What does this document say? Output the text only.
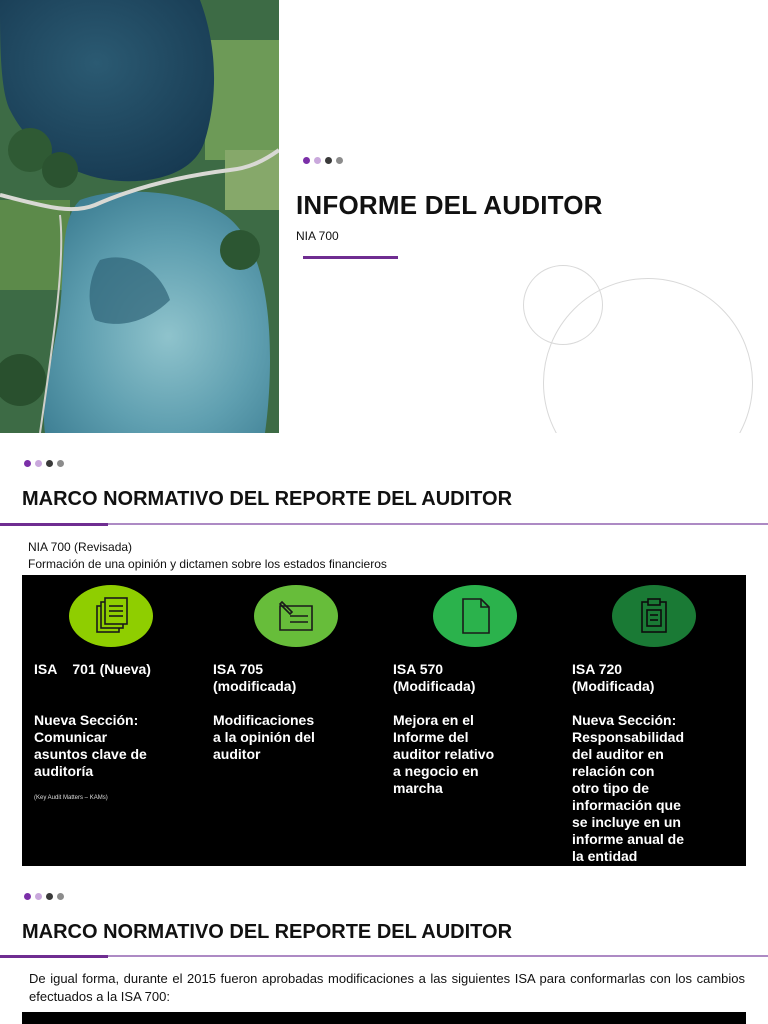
INFORME DEL AUDITOR
NIA 700
MARCO NORMATIVO DEL REPORTE DEL AUDITOR
NIA 700 (Revisada)
Formación de una opinión y dictamen sobre los estados financieros
ISA    701 (Nueva)
Nueva Sección:
Comunicar
asuntos clave de
auditoría
(Key Audit Matters – KAMs)
ISA 705
(modificada)
Modificaciones
a la opinión del
auditor
ISA 570
(Modificada)
Mejora en el
Informe del
auditor relativo
a negocio en
marcha
ISA 720
(Modificada)
Nueva Sección:
Responsabilidad
del auditor en
relación con
otro tipo de
información que
se incluye en un
informe anual de
la entidad
MARCO NORMATIVO DEL REPORTE DEL AUDITOR

De igual forma, durante el 2015 fueron aprobadas modificaciones a las siguientes ISA para conformarlas con los cambios efectuados a la ISA 700:
